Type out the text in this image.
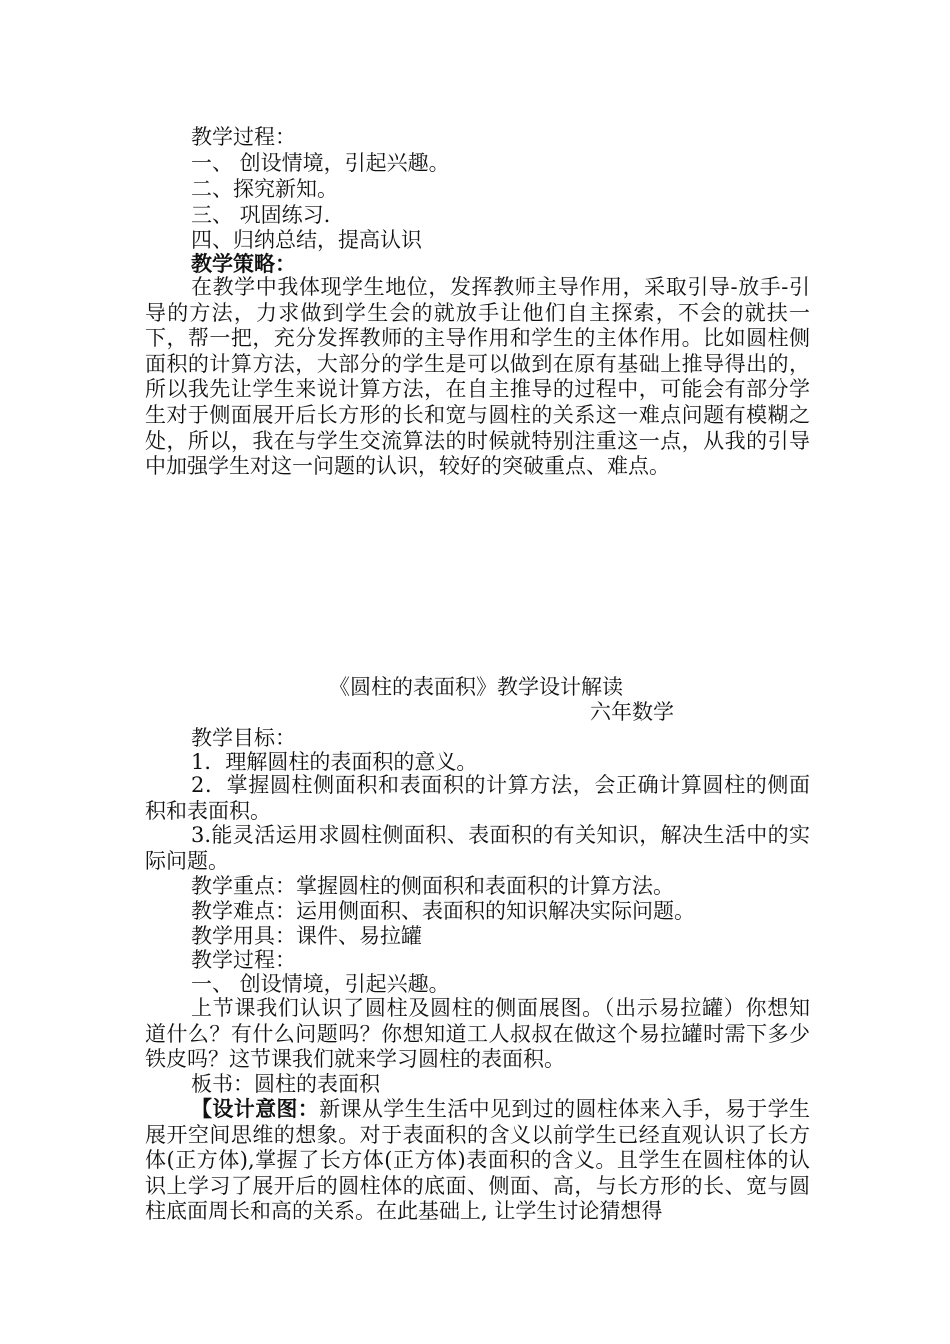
教学过程：
一、 创设情境，引起兴趣。
二、探究新知。
三、 巩固练习.
四、归纳总结，提高认识
教学策略：
在教学中我体现学生地位，发挥教师主导作用，采取引导-放手-引导的方法，力求做到学生会的就放手让他们自主探索，不会的就扶一下，帮一把，充分发挥教师的主导作用和学生的主体作用。比如圆柱侧面积的计算方法，大部分的学生是可以做到在原有基础上推导得出的，所以我先让学生来说计算方法，在自主推导的过程中，可能会有部分学生对于侧面展开后长方形的长和宽与圆柱的关系这一难点问题有模糊之处，所以，我在与学生交流算法的时候就特别注重这一点，从我的引导中加强学生对这一问题的认识，较好的突破重点、难点。
《圆柱的表面积》教学设计解读
六年数学
教学目标：
1．理解圆柱的表面积的意义。
2．掌握圆柱侧面积和表面积的计算方法，会正确计算圆柱的侧面积和表面积。
3.能灵活运用求圆柱侧面积、表面积的有关知识，解决生活中的实际问题。
教学重点：掌握圆柱的侧面积和表面积的计算方法。
教学难点：运用侧面积、表面积的知识解决实际问题。
教学用具：课件、易拉罐
教学过程：
一、 创设情境，引起兴趣。
上节课我们认识了圆柱及圆柱的侧面展图。（出示易拉罐）你想知道什么？有什么问题吗？你想知道工人叔叔在做这个易拉罐时需下多少铁皮吗？这节课我们就来学习圆柱的表面积。
板书：圆柱的表面积
【设计意图：新课从学生生活中见到过的圆柱体来入手，易于学生展开空间思维的想象。对于表面积的含义以前学生已经直观认识了长方体(正方体),掌握了长方体(正方体)表面积的含义。且学生在圆柱体的认识上学习了展开后的圆柱体的底面、侧面、高，与长方形的长、宽与圆柱底面周长和高的关系。在此基础上, 让学生讨论猜想得
